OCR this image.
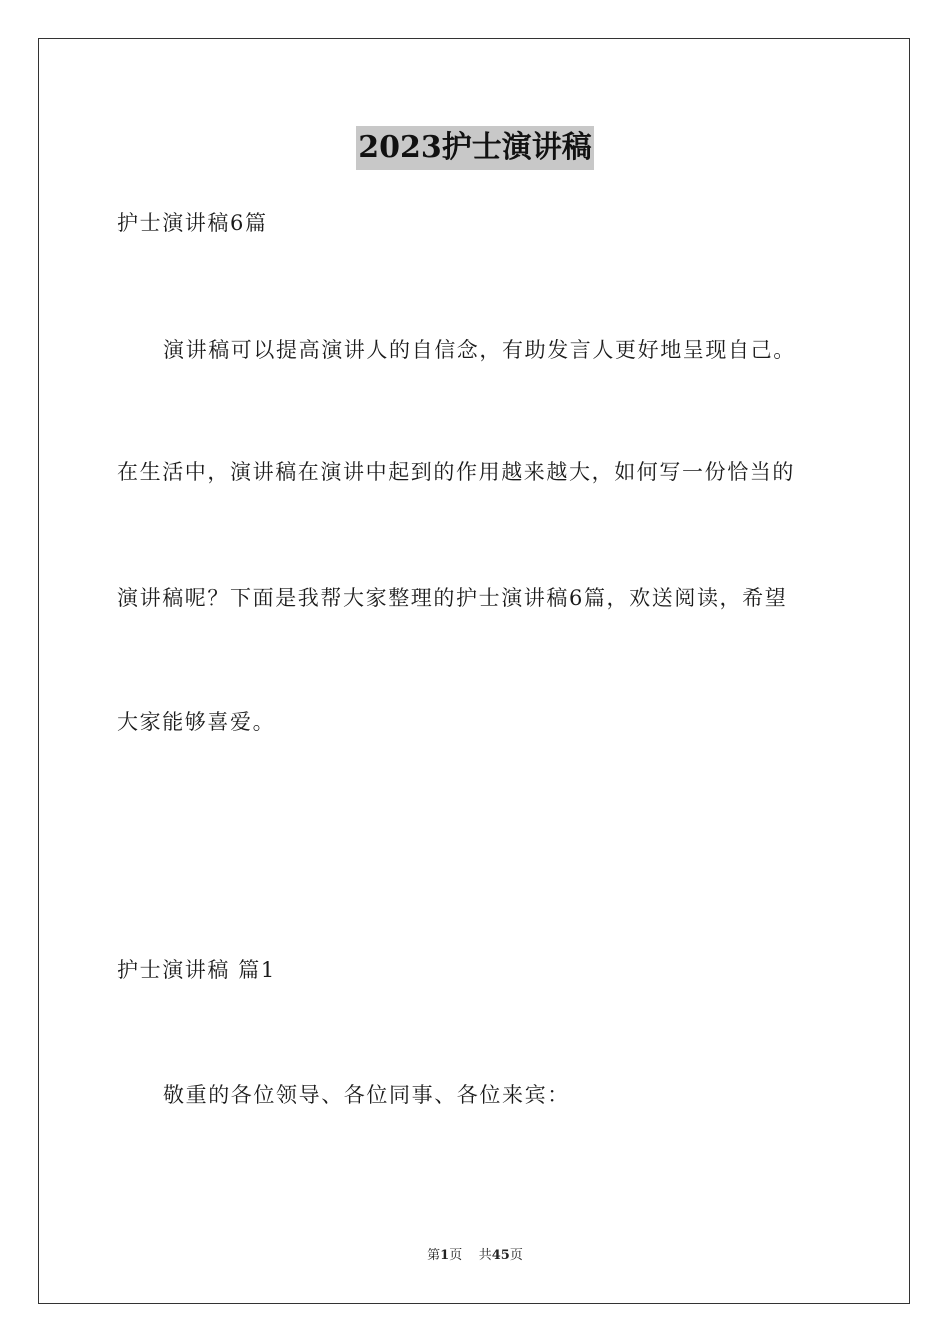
2023护士演讲稿
护士演讲稿6篇
演讲稿可以提高演讲人的自信念，有助发言人更好地呈现自己。
在生活中，演讲稿在演讲中起到的作用越来越大，如何写一份恰当的
演讲稿呢？下面是我帮大家整理的护士演讲稿6篇，欢送阅读，希望
大家能够喜爱。
护士演讲稿 篇1
敬重的各位领导、各位同事、各位来宾：
第1页 共45页
